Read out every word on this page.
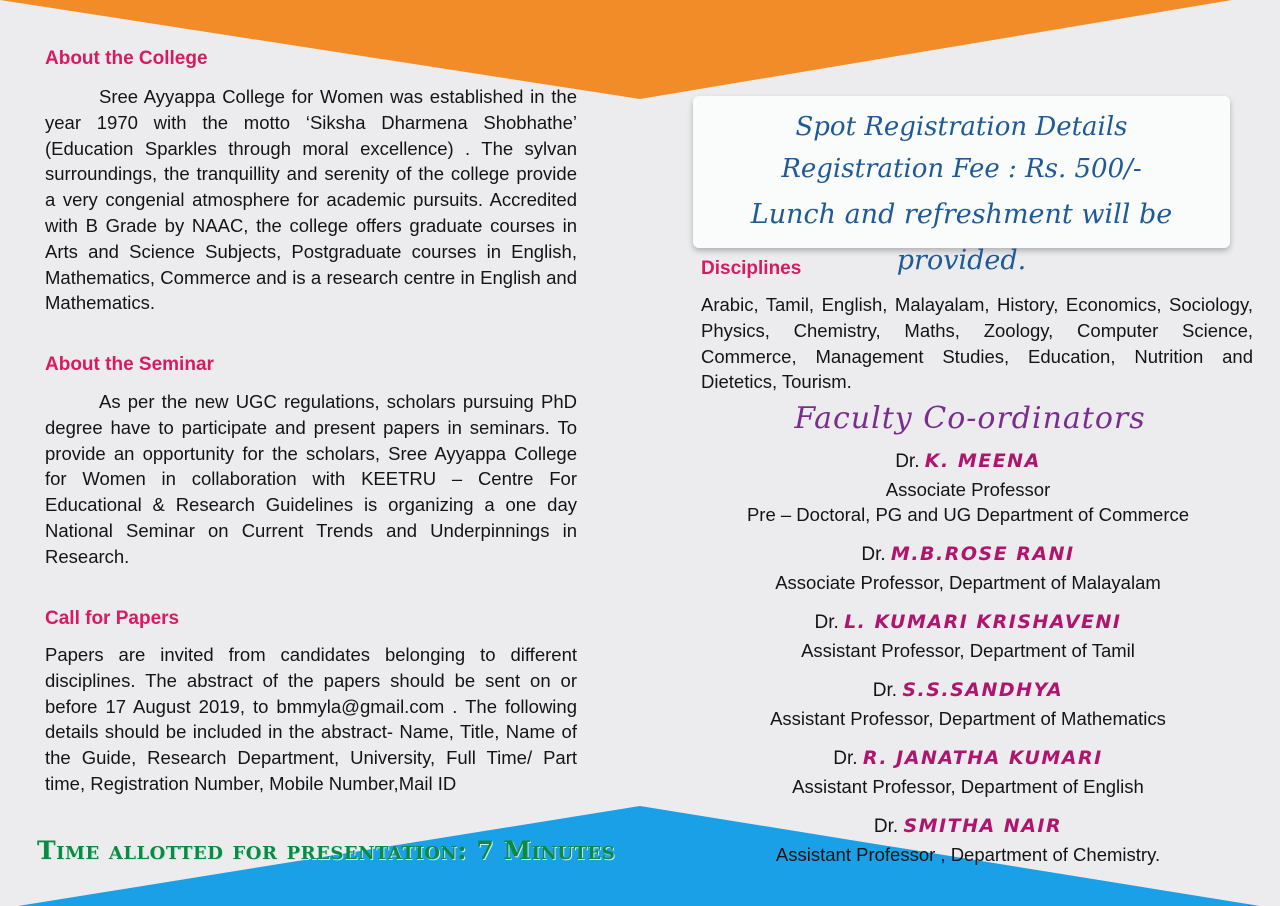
About the College

Sree Ayyappa College for Women was established in the year 1970 with the motto ‘Siksha Dharmena Shobhathe’ (Education Sparkles through moral excellence) . The sylvan surroundings, the tranquillity and serenity of the college provide a very congenial atmosphere for academic pursuits. Accredited with B Grade by NAAC, the college offers graduate courses in Arts and Science Subjects, Postgraduate courses in English, Mathematics, Commerce and is a research centre in English and Mathematics.

About the Seminar

As per the new UGC regulations, scholars pursuing PhD degree have to participate and present papers in seminars. To provide an opportunity for the scholars, Sree Ayyappa College for Women in collaboration with KEETRU – Centre For Educational & Research Guidelines is organizing a one day National Seminar on Current Trends and Underpinnings in Research.

Call for Papers

Papers are invited from candidates belonging to different disciplines. The abstract of the papers should be sent on or before 17 August 2019, to bmmyla@gmail.com . The following details should be included in the abstract- Name, Title, Name of the Guide, Research Department, University, Full Time/ Part time, Registration Number, Mobile Number,Mail ID

Time allotted for presentation: 7 Minutes
Spot Registration Details
Registration Fee : Rs. 500/-
Lunch and refreshment will be provided.
Disciplines

Arabic, Tamil, English, Malayalam, History, Economics, Sociology, Physics, Chemistry, Maths, Zoology, Computer Science, Commerce, Management Studies, Education, Nutrition and Dietetics, Tourism.

Faculty Co-ordinators
Dr. K. MEENA
Associate Professor
Pre – Doctoral, PG and UG Department of Commerce
Dr. M.B.ROSE RANI
Associate Professor, Department of Malayalam
Dr. L. KUMARI KRISHAVENI
Assistant Professor, Department of Tamil
Dr. S.S.SANDHYA
Assistant Professor, Department of Mathematics
Dr. R. JANATHA KUMARI
Assistant Professor, Department of English
Dr. SMITHA NAIR
Assistant Professor , Department of Chemistry.
